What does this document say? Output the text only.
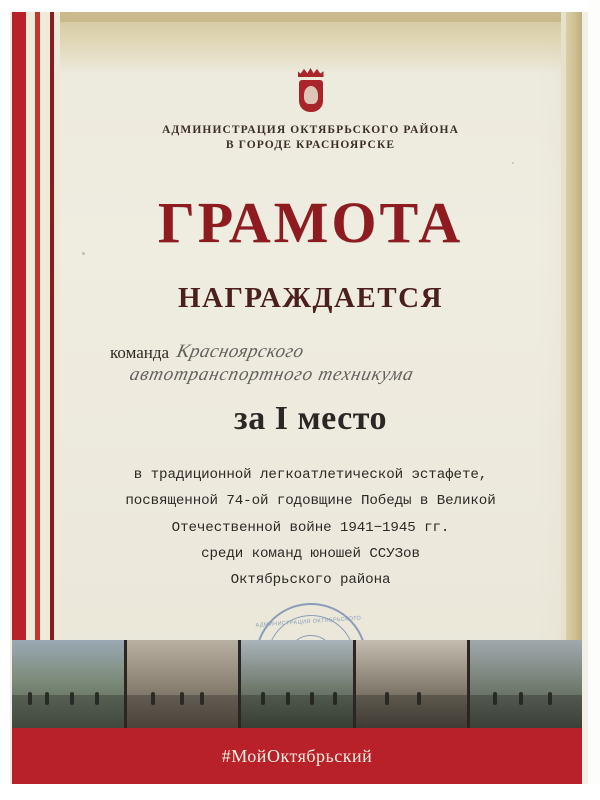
АДМИНИСТРАЦИЯ ОКТЯБРЬСКОГО РАЙОНА
В ГОРОДЕ КРАСНОЯРСКЕ
ГРАМОТА
НАГРАЖДАЕТСЯ
команда Красноярского
автотранспортного техникума
за I место
в традиционной легкоатлетической эстафете,
посвященной 74-ой годовщине Победы в Великой
Отечественной войне 1941−1945 гг.
среди команд юношей ССУЗов
Октябрьского района
АДМИНИСТРАЦИЯ ОКТЯБРЬСКОГО
#МойОктябрьский
